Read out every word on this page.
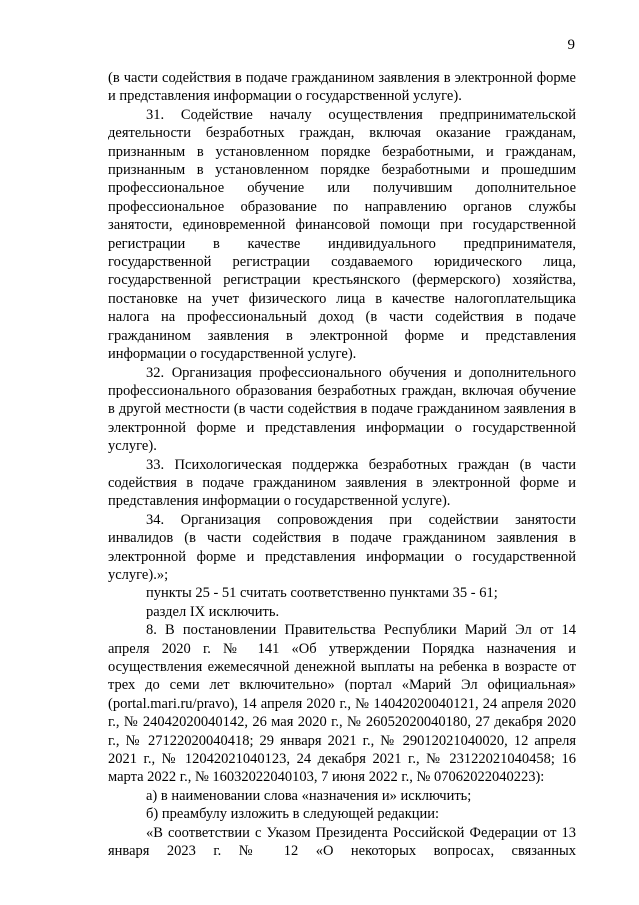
9

(в части содействия в подаче гражданином заявления в электронной форме и представления информации о государственной услуге).

31. Содействие началу осуществления предпринимательской деятельности безработных граждан, включая оказание гражданам, признанным в установленном порядке безработными, и гражданам, признанным в установленном порядке безработными и прошедшим профессиональное обучение или получившим дополнительное профессиональное образование по направлению органов службы занятости, единовременной финансовой помощи при государственной регистрации в качестве индивидуального предпринимателя, государственной регистрации создаваемого юридического лица, государственной регистрации крестьянского (фермерского) хозяйства, постановке на учет физического лица в качестве налогоплательщика налога на профессиональный доход (в части содействия в подаче гражданином заявления в электронной форме и представления информации о государственной услуге).

32. Организация профессионального обучения и дополнительного профессионального образования безработных граждан, включая обучение в другой местности (в части содействия в подаче гражданином заявления в электронной форме и представления информации о государственной услуге).

33. Психологическая поддержка безработных граждан (в части содействия в подаче гражданином заявления в электронной форме и представления информации о государственной услуге).

34. Организация сопровождения при содействии занятости инвалидов (в части содействия в подаче гражданином заявления в электронной форме и представления информации о государственной услуге).»;

пункты 25 - 51 считать соответственно пунктами 35 - 61;

раздел IX исключить.

8. В постановлении Правительства Республики Марий Эл от 14 апреля 2020 г. № 141 «Об утверждении Порядка назначения и осуществления ежемесячной денежной выплаты на ребенка в возрасте от трех до семи лет включительно» (портал «Марий Эл официальная» (portal.mari.ru/pravo), 14 апреля 2020 г., № 14042020040121, 24 апреля 2020 г., № 24042020040142, 26 мая 2020 г., № 26052020040180, 27 декабря 2020 г., № 27122020040418; 29 января 2021 г., № 29012021040020, 12 апреля 2021 г., № 12042021040123, 24 декабря 2021 г., № 23122021040458; 16 марта 2022 г., № 16032022040103, 7 июня 2022 г., № 07062022040223):

а) в наименовании слова «назначения и» исключить;

б) преамбулу изложить в следующей редакции:

«В соответствии с Указом Президента Российской Федерации от 13 января 2023 г. № 12 «О некоторых вопросах, связанных
